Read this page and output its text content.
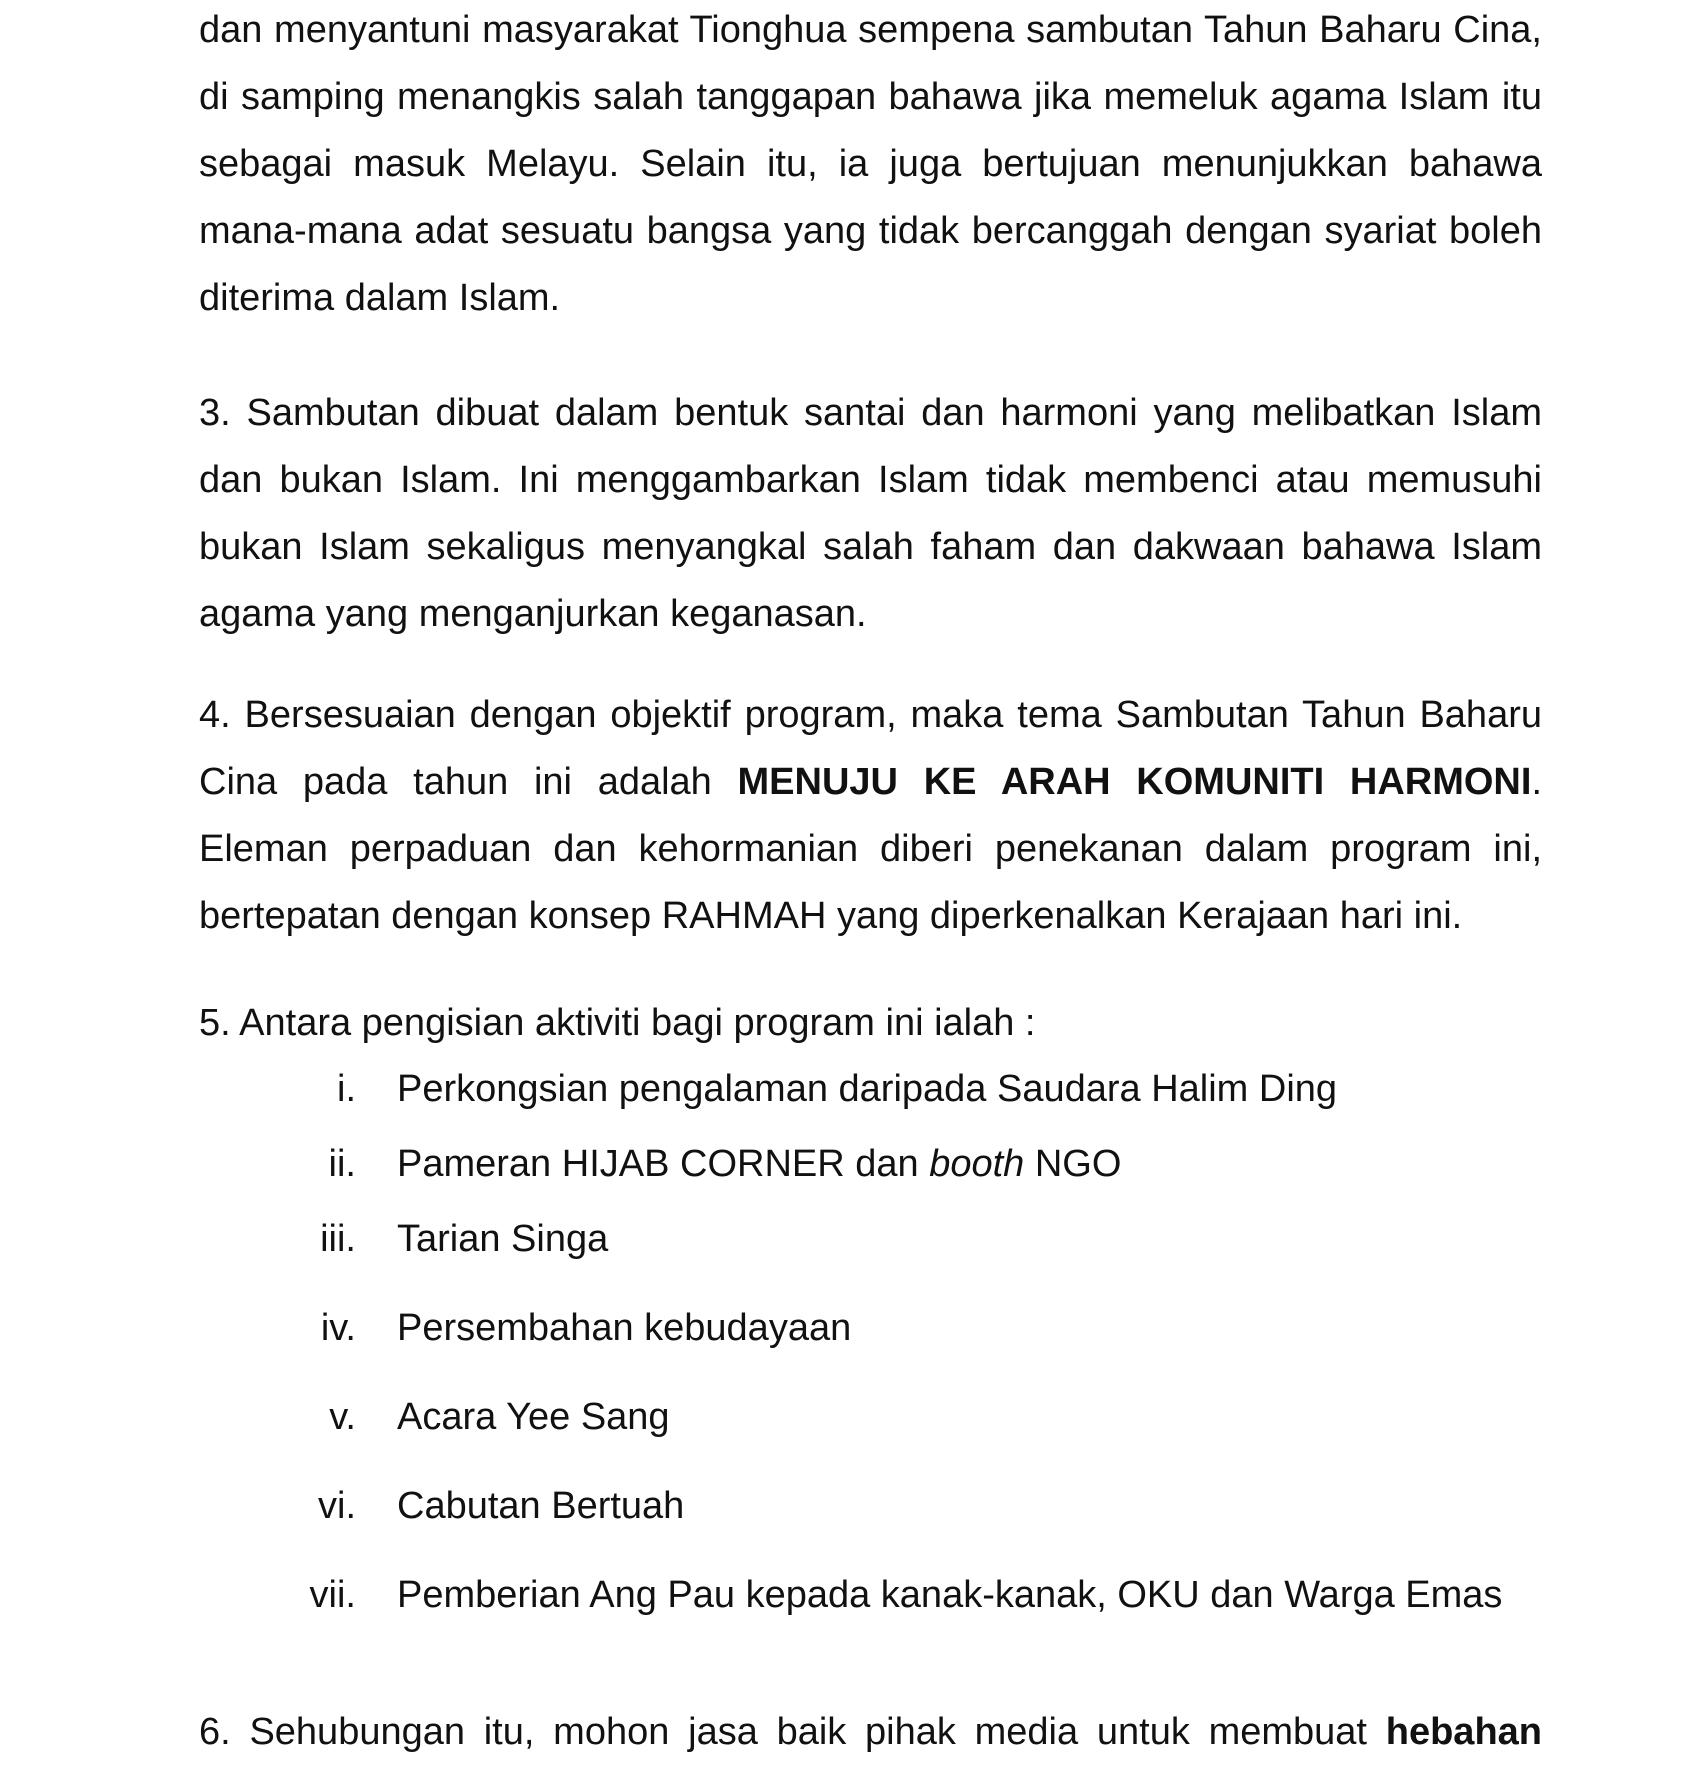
dan menyantuni masyarakat Tionghua sempena sambutan Tahun Baharu Cina, di samping menangkis salah tanggapan bahawa jika memeluk agama Islam itu sebagai masuk Melayu. Selain itu, ia juga bertujuan menunjukkan bahawa mana-mana adat sesuatu bangsa yang tidak bercanggah dengan syariat boleh diterima dalam Islam.

3. Sambutan dibuat dalam bentuk santai dan harmoni yang melibatkan Islam dan bukan Islam. Ini menggambarkan Islam tidak membenci atau memusuhi bukan Islam sekaligus menyangkal salah faham dan dakwaan bahawa Islam agama yang menganjurkan keganasan.

4. Bersesuaian dengan objektif program, maka tema Sambutan Tahun Baharu Cina pada tahun ini adalah MENUJU KE ARAH KOMUNITI HARMONI. Eleman perpaduan dan kehormanian diberi penekanan dalam program ini, bertepatan dengan konsep RAHMAH yang diperkenalkan Kerajaan hari ini.

5. Antara pengisian aktiviti bagi program ini ialah :

i. Perkongsian pengalaman daripada Saudara Halim Ding
ii. Pameran HIJAB CORNER dan booth NGO
iii. Tarian Singa
iv. Persembahan kebudayaan
v. Acara Yee Sang
vi. Cabutan Bertuah
vii. Pemberian Ang Pau kepada kanak-kanak, OKU dan Warga Emas

6. Sehubungan itu, mohon jasa baik pihak media untuk membuat hebahan
